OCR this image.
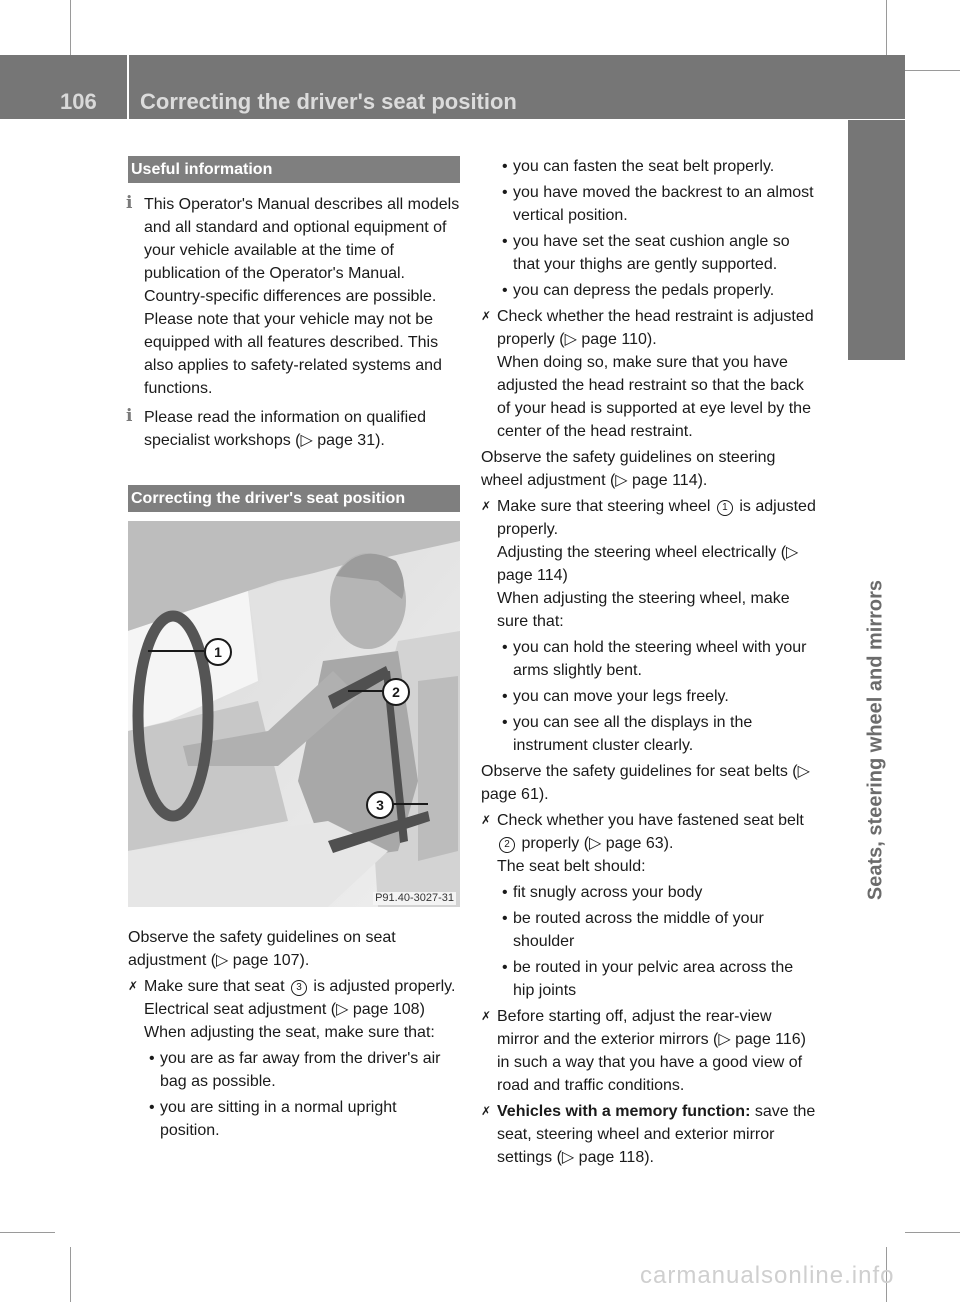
106	Correcting the driver's seat position
Seats, steering wheel and mirrors
Useful information
i This Operator's Manual describes all models and all standard and optional equipment of your vehicle available at the time of publication of the Operator's Manual. Country-specific differences are possible. Please note that your vehicle may not be equipped with all features described. This also applies to safety-related systems and functions.

i Please read the information on qualified specialist workshops (▷ page 31).

Correcting the driver's seat position
1
2
3
P91.40-3027-31

Observe the safety guidelines on seat adjustment (▷ page 107).

✗ Make sure that seat 3 is adjusted properly.

Electrical seat adjustment (▷ page 108)

When adjusting the seat, make sure that:

• you are as far away from the driver's air bag as possible.
• you are sitting in a normal upright position.
• you can fasten the seat belt properly.
• you have moved the backrest to an almost vertical position.
• you have set the seat cushion angle so that your thighs are gently supported.
• you can depress the pedals properly.
✗ Check whether the head restraint is adjusted properly (▷ page 110).

When doing so, make sure that you have adjusted the head restraint so that the back of your head is supported at eye level by the center of the head restraint.

Observe the safety guidelines on steering wheel adjustment (▷ page 114).

✗ Make sure that steering wheel 1 is adjusted properly.

Adjusting the steering wheel electrically (▷ page 114)

When adjusting the steering wheel, make sure that:

• you can hold the steering wheel with your arms slightly bent.
• you can move your legs freely.
• you can see all the displays in the instrument cluster clearly.

Observe the safety guidelines for seat belts (▷ page 61).

✗ Check whether you have fastened seat belt 2 properly (▷ page 63).

The seat belt should:

• fit snugly across your body
• be routed across the middle of your shoulder
• be routed in your pelvic area across the hip joints
✗ Before starting off, adjust the rear-view mirror and the exterior mirrors (▷ page 116) in such a way that you have a good view of road and traffic conditions.

✗ Vehicles with a memory function: save the seat, steering wheel and exterior mirror settings (▷ page 118).

carmanualsonline.info
